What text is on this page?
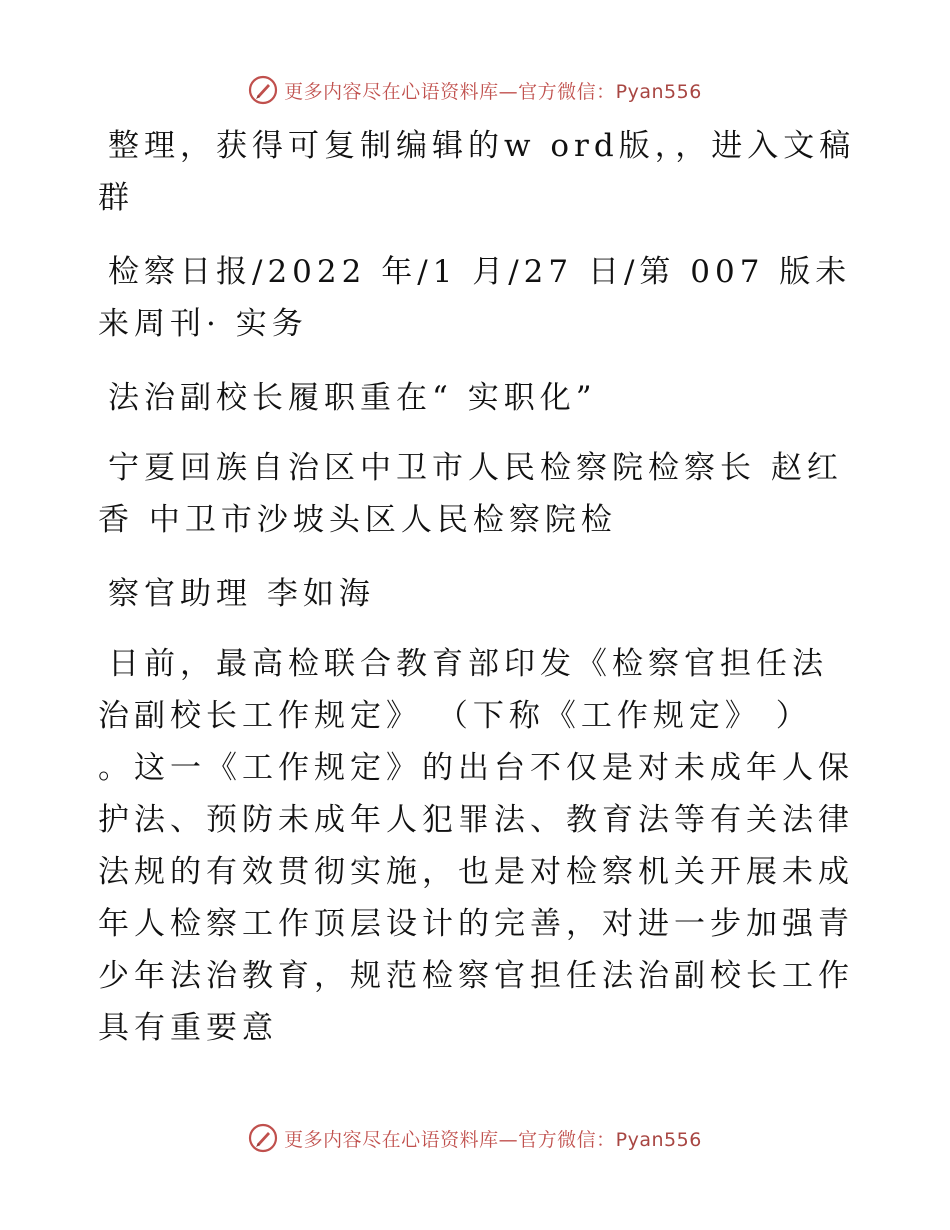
更多内容尽在心语资料库—官方微信：Pyan556

整理，获得可复制编辑的w ord版，，进入文稿群

检察日报/2022 年/1 月/27 日/第 007 版未来周刊· 实务

法治副校长履职重在“ 实职化”

宁夏回族自治区中卫市人民检察院检察长 赵红香 中卫市沙坡头区人民检察院检

察官助理 李如海

日前，最高检联合教育部印发《检察官担任法治副校长工作规定》 （下称《工作规定》 ） 。这一《工作规定》的出台不仅是对未成年人保护法、预防未成年人犯罪法、教育法等有关法律法规的有效贯彻实施，也是对检察机关开展未成年人检察工作顶层设计的完善，对进一步加强青少年法治教育，规范检察官担任法治副校长工作具有重要意

更多内容尽在心语资料库—官方微信：Pyan556
